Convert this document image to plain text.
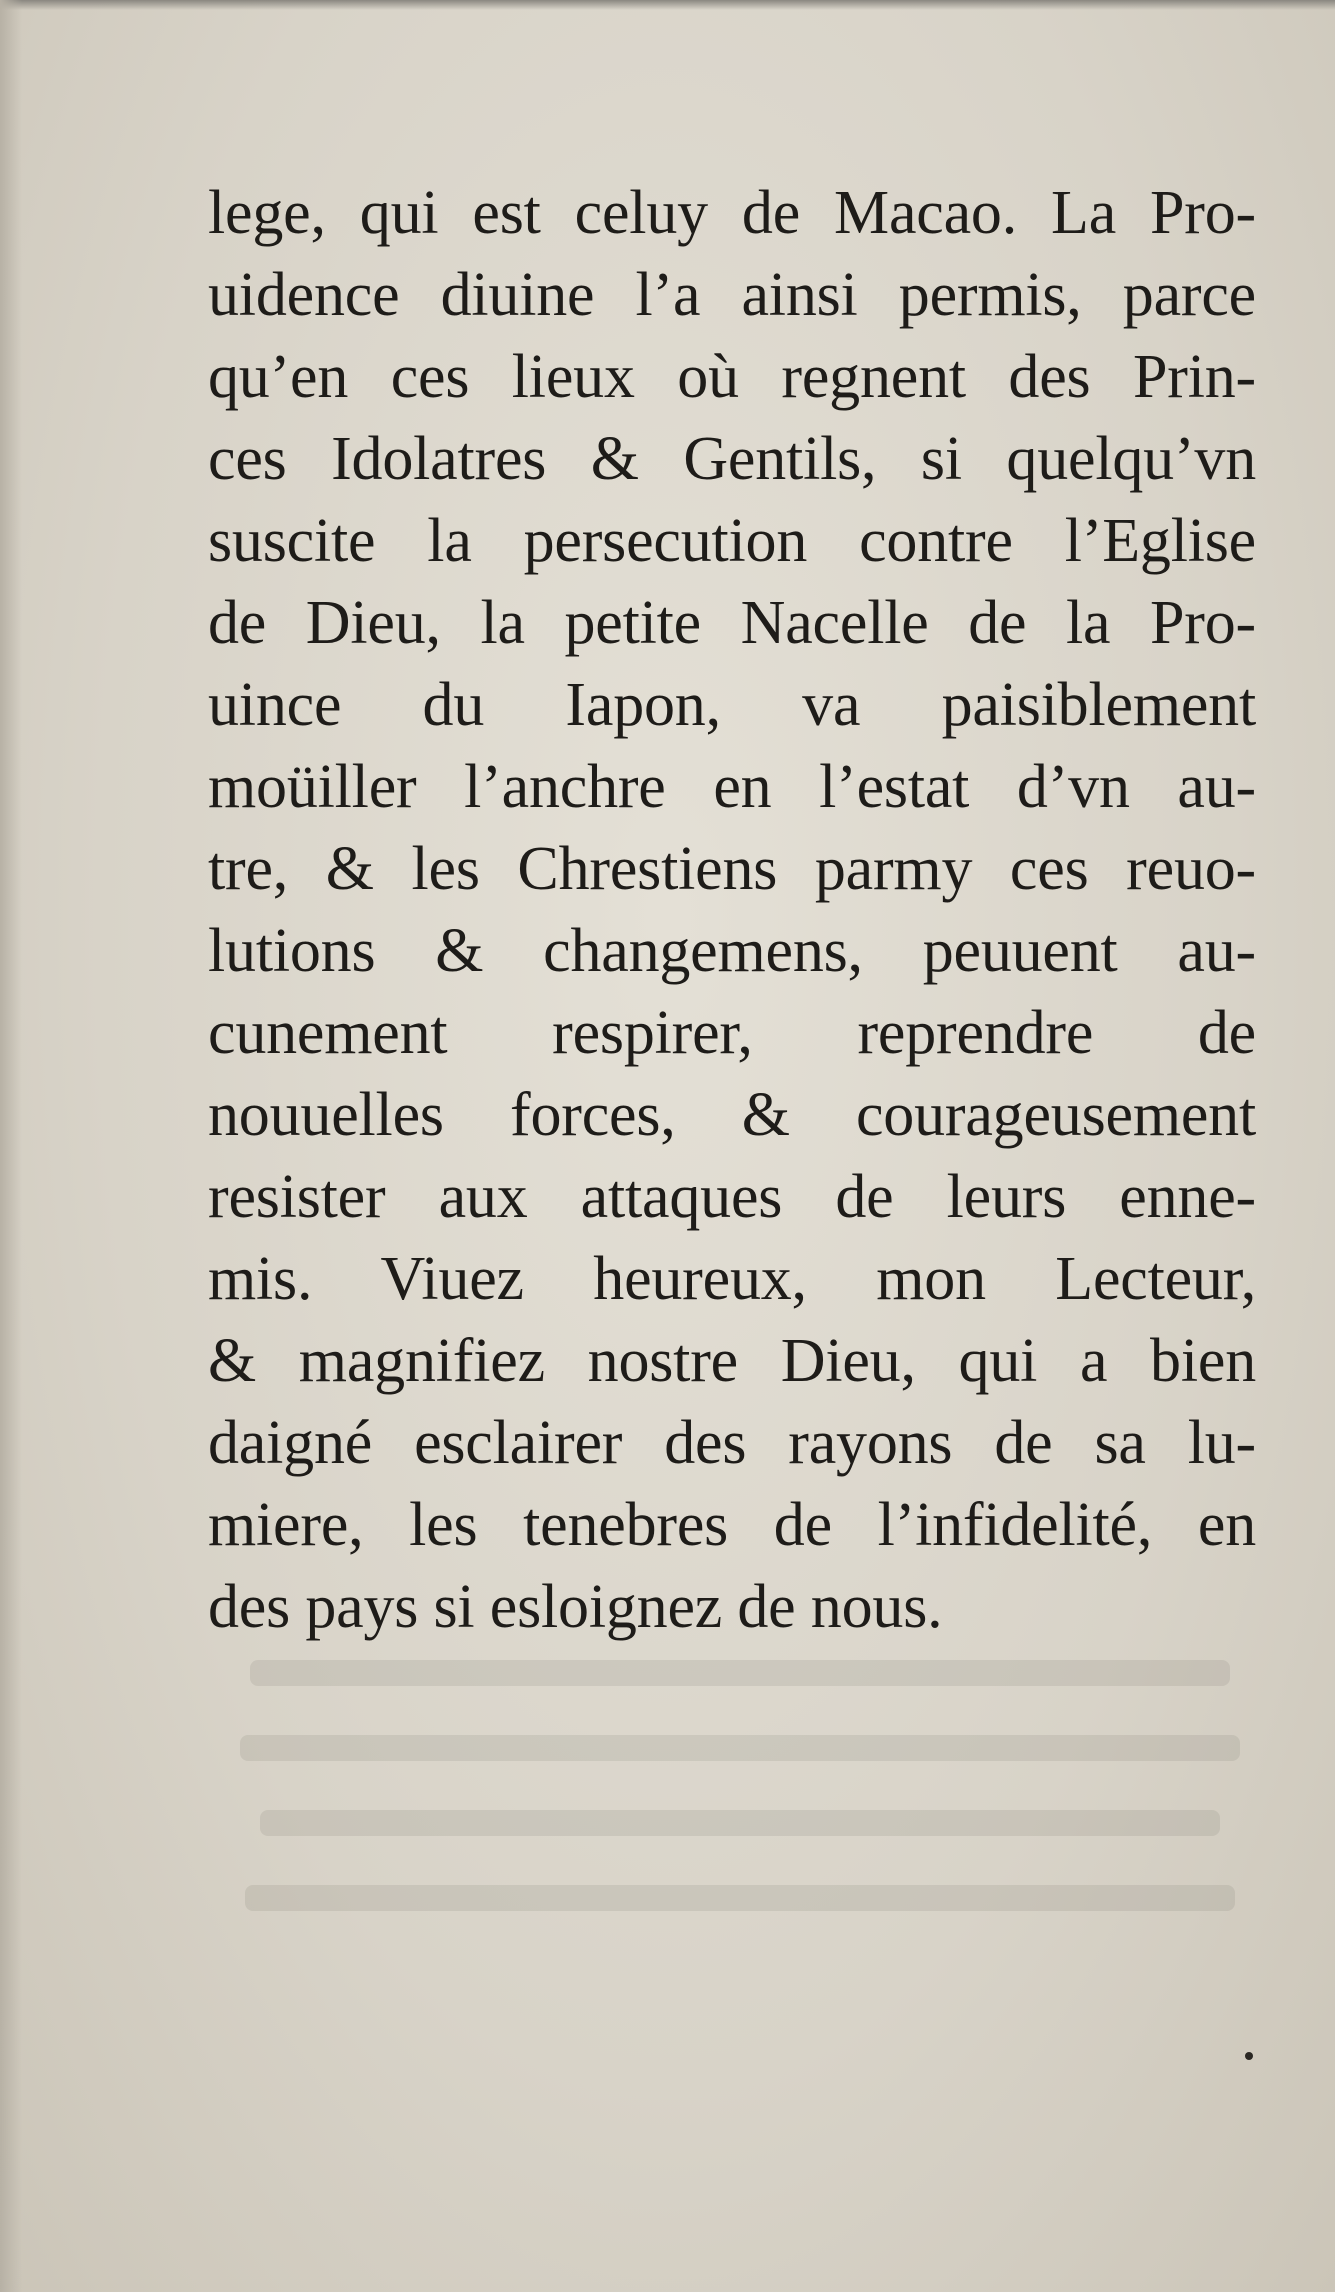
lege, qui est celuy de Macao. La Pro-
uidence diuine l’a ainsi permis, parce
qu’en ces lieux où regnent des Prin-
ces Idolatres & Gentils, si quelqu’vn
suscite la persecution contre l’Eglise
de Dieu, la petite Nacelle de la Pro-
uince du Iapon, va paisiblement
moüiller l’anchre en l’estat d’vn au-
tre, & les Chrestiens parmy ces reuo-
lutions & changemens, peuuent au-
cunement respirer, reprendre de
nouuelles forces, & courageusement
resister aux attaques de leurs enne-
mis. Viuez heureux, mon Lecteur,
& magnifiez nostre Dieu, qui a bien
daigné esclairer des rayons de sa lu-
miere, les tenebres de l’infidelité, en
des pays si esloignez de nous.
